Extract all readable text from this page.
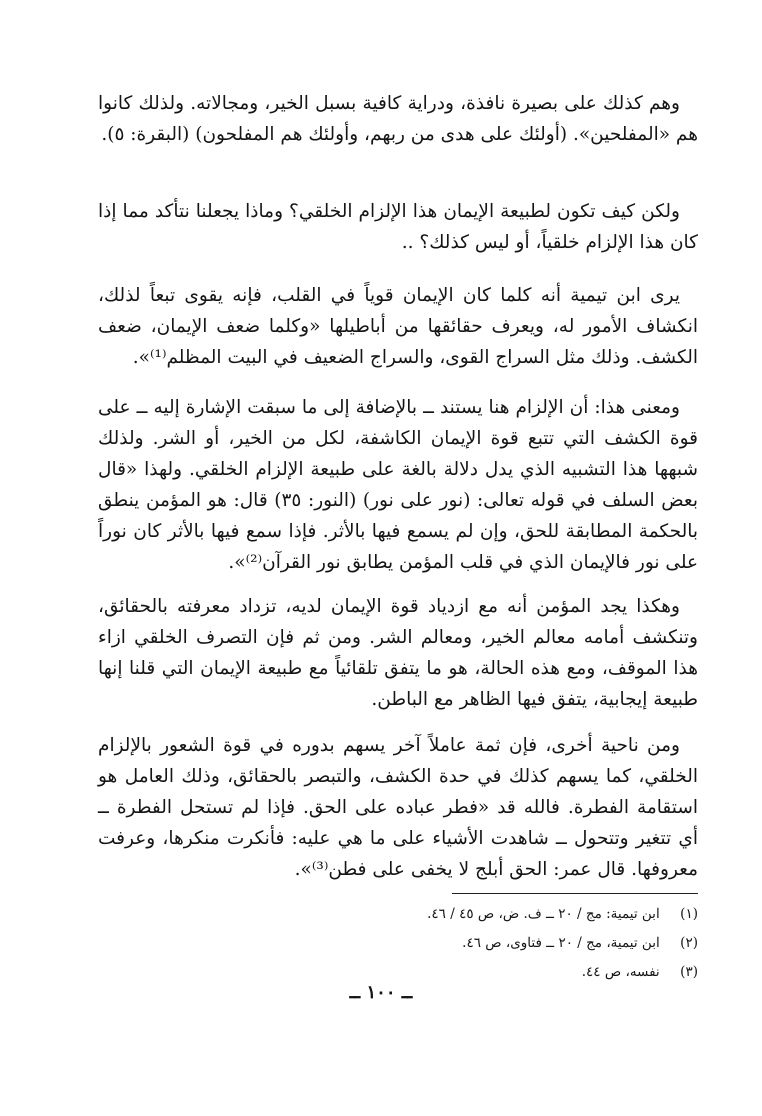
وهم كذلك على بصيرة نافذة، ودراية كافية بسبل الخير، ومجالاته. ولذلك كانوا هم «المفلحين». (أولئك على هدى من ربهم، وأولئك هم المفلحون) (البقرة: ٥).

ولكن كيف تكون لطبيعة الإيمان هذا الإلزام الخلقي؟ وماذا يجعلنا نتأكد مما إذا كان هذا الإلزام خلقياً، أو ليس كذلك؟ ..

يرى ابن تيمية أنه كلما كان الإيمان قوياً في القلب، فإنه يقوى تبعاً لذلك، انكشاف الأمور له، ويعرف حقائقها من أباطيلها «وكلما ضعف الإيمان، ضعف الكشف. وذلك مثل السراج القوى، والسراج الضعيف في البيت المظلم⁽¹⁾».

ومعنى هذا: أن الإلزام هنا يستند ــ بالإضافة إلى ما سبقت الإشارة إليه ــ على قوة الكشف التي تتبع قوة الإيمان الكاشفة، لكل من الخير، أو الشر. ولذلك شبهها هذا التشبيه الذي يدل دلالة بالغة على طبيعة الإلزام الخلقي. ولهذا «قال بعض السلف في قوله تعالى: (نور على نور) (النور: ٣٥) قال: هو المؤمن ينطق بالحكمة المطابقة للحق، وإن لم يسمع فيها بالأثر. فإذا سمع فيها بالأثر كان نوراً على نور فالإيمان الذي في قلب المؤمن يطابق نور القرآن⁽²⁾».

وهكذا يجد المؤمن أنه مع ازدياد قوة الإيمان لديه، تزداد معرفته بالحقائق، وتنكشف أمامه معالم الخير، ومعالم الشر. ومن ثم فإن التصرف الخلقي ازاء هذا الموقف، ومع هذه الحالة، هو ما يتفق تلقائياً مع طبيعة الإيمان التي قلنا إنها طبيعة إيجابية، يتفق فيها الظاهر مع الباطن.

ومن ناحية أخرى، فإن ثمة عاملاً آخر يسهم بدوره في قوة الشعور بالإلزام الخلقي، كما يسهم كذلك في حدة الكشف، والتبصر بالحقائق، وذلك العامل هو استقامة الفطرة. فالله قد «فطر عباده على الحق. فإذا لم تستحل الفطرة ــ أي تتغير وتتحول ــ شاهدت الأشياء على ما هي عليه: فأنكرت منكرها، وعرفت معروفها. قال عمر: الحق أبلج لا يخفى على فطن⁽³⁾».

(١) ابن تيمية: مج / ٢٠ ــ ف. ض، ص ٤٥ / ٤٦.
(٢) ابن تيمية، مج / ٢٠ ــ فتاوى، ص ٤٦.
(٣) نفسه، ص ٤٤.
ــ ١٠٠ ــ
